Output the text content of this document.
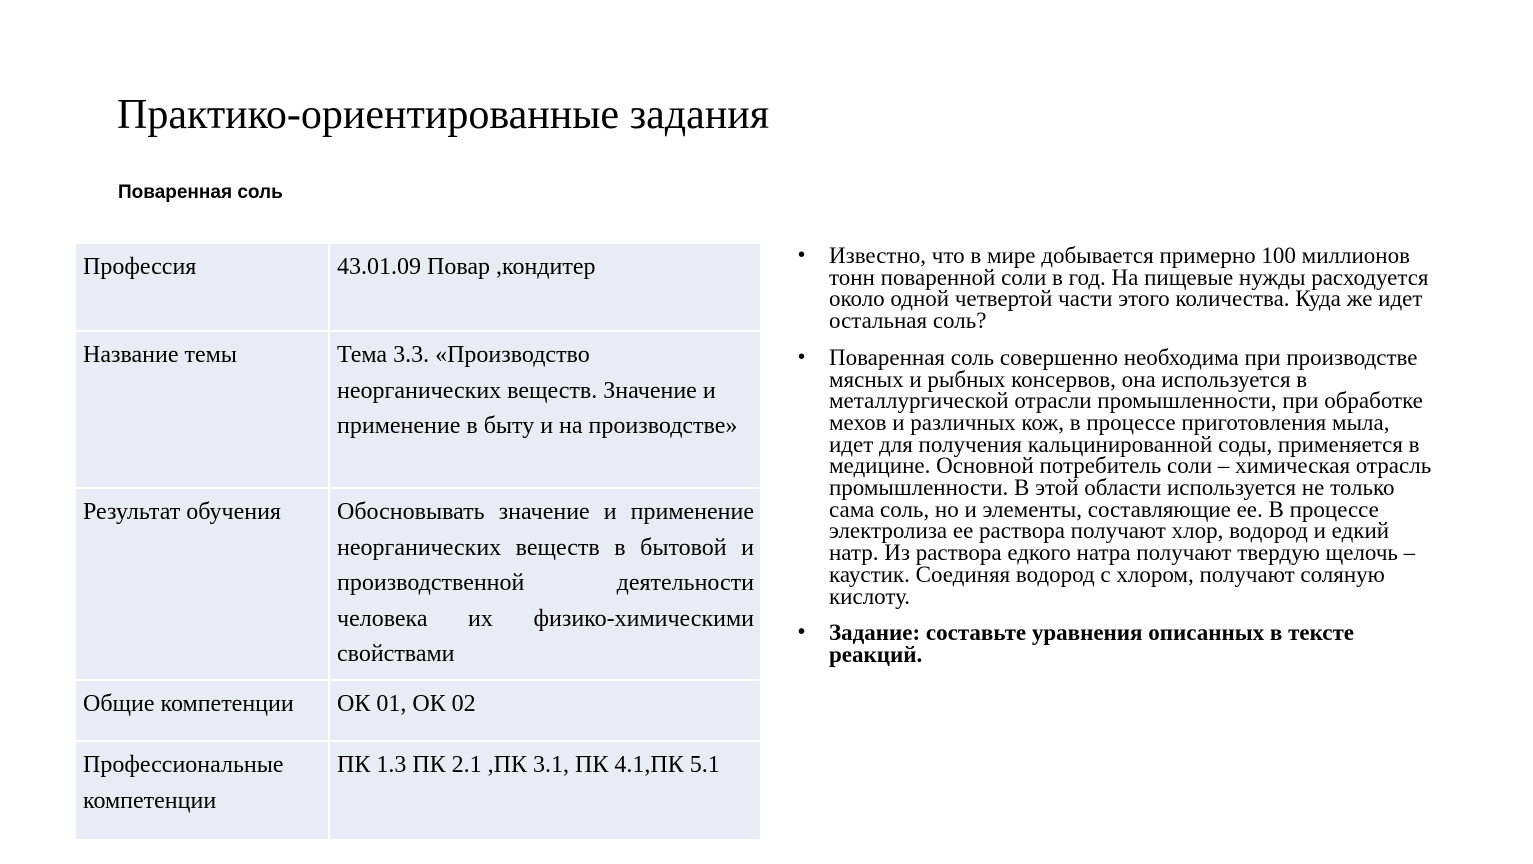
Практико-ориентированные задания
Поваренная соль
Профессия	43.01.09 Повар ,кондитер
Название темы	Тема 3.3. «Производство неорганических веществ. Значение и применение в быту и на производстве»
Результат обучения	Обосновывать значение и применение неорганических веществ в бытовой и производственной деятельности человека их физико-химическими свойствами
Общие компетенции	ОК 01, ОК 02
Профессиональные компетенции	ПК 1.3 ПК 2.1 ,ПК 3.1, ПК 4.1,ПК 5.1
• Известно, что в мире добывается примерно 100 миллионов тонн поваренной соли в год. На пищевые нужды расходуется около одной четвертой части этого количества. Куда же идет остальная соль?
• Поваренная соль совершенно необходима при производстве мясных и рыбных консервов, она используется в металлургической отрасли промышленности, при обработке мехов и различных кож, в процессе приготовления мыла, идет для получения кальцинированной соды, применяется в медицине. Основной потребитель соли – химическая отрасль промышленности. В этой области используется не только сама соль, но и элементы, составляющие ее. В процессе электролиза ее раствора получают хлор, водород и едкий натр. Из раствора едкого натра получают твердую щелочь – каустик. Соединяя водород с хлором, получают соляную кислоту.
• Задание: составьте уравнения описанных в тексте реакций.
